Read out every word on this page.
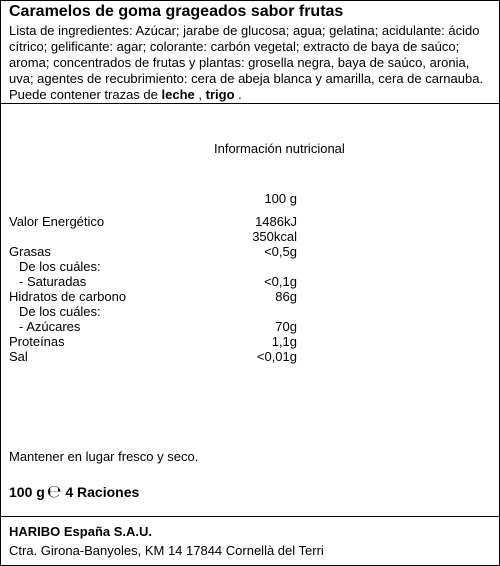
Caramelos de goma grageados sabor frutas
Lista de ingredientes: Azúcar; jarabe de glucosa; agua; gelatina; acidulante: ácido cítrico; gelificante: agar; colorante: carbón vegetal; extracto de baya de saúco; aroma; concentrados de frutas y plantas: grosella negra, baya de saúco, aronia, uva; agentes de recubrimiento: cera de abeja blanca y amarilla, cera de carnauba. Puede contener trazas de leche , trigo .
Información nutricional
100 g
Valor Energético	1486kJ
350kcal
Grasas	<0,5g
De los cuáles:
- Saturadas	<0,1g
Hidratos de carbono	86g
De los cuáles:
- Azúcares	70g
Proteínas	1,1g
Sal	<0,01g
Mantener en lugar fresco y seco.
100 g ℮ 4 Raciones
HARIBO España S.A.U.
Ctra. Girona-Banyoles, KM 14 17844 Cornellà del Terri
